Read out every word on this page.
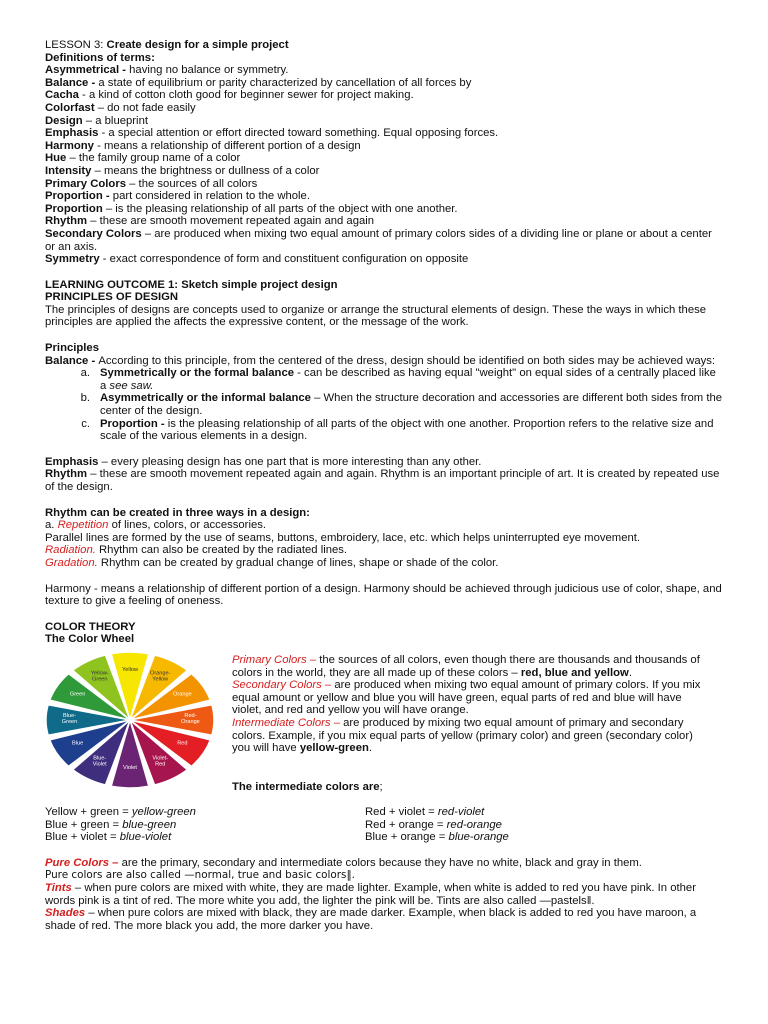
LESSON 3: Create design for a simple project

Definitions of terms:

Asymmetrical - having no balance or symmetry.

Balance - a state of equilibrium or parity characterized by cancellation of all forces by

Cacha - a kind of cotton cloth good for beginner sewer for project making.

Colorfast – do not fade easily

Design – a blueprint

Emphasis - a special attention or effort directed toward something. Equal opposing forces.

Harmony - means a relationship of different portion of a design

Hue – the family group name of a color

Intensity – means the brightness or dullness of a color

Primary Colors – the sources of all colors

Proportion - part considered in relation to the whole.

Proportion – is the pleasing relationship of all parts of the object with one another.

Rhythm – these are smooth movement repeated again and again

Secondary Colors – are produced when mixing two equal amount of primary colors sides of a dividing line or plane or about a center or an axis.

Symmetry - exact correspondence of form and constituent configuration on opposite

LEARNING OUTCOME 1: Sketch simple project design

PRINCIPLES OF DESIGN

The principles of designs are concepts used to organize or arrange the structural elements of design. These the ways in which these principles are applied the affects the expressive content, or the message of the work.

Principles

Balance - According to this principle, from the centered of the dress, design should be identified on both sides may be achieved ways:

a. Symmetrically or the formal balance - can be described as having equal "weight" on equal sides of a centrally placed like a see saw.
b. Asymmetrically or the informal balance – When the structure decoration and accessories are different both sides from the center of the design.
c. Proportion - is the pleasing relationship of all parts of the object with one another. Proportion refers to the relative size and scale of the various elements in a design.

Emphasis – every pleasing design has one part that is more interesting than any other.

Rhythm – these are smooth movement repeated again and again. Rhythm is an important principle of art. It is created by repeated use of the design.

Rhythm can be created in three ways in a design:

a. Repetition of lines, colors, or accessories.

Parallel lines are formed by the use of seams, buttons, embroidery, lace, etc. which helps uninterrupted eye movement.

Radiation. Rhythm can also be created by the radiated lines.

Gradation. Rhythm can be created by gradual change of lines, shape or shade of the color.

Harmony - means a relationship of different portion of a design. Harmony should be achieved through judicious use of color, shape, and texture to give a feeling of oneness.

COLOR THEORY

The Color Wheel

Yellow
Orange-Yellow
Orange
Red-Orange
Red
Violet-Red
Violet
Blue-Violet
Blue
Blue-Green
Green
Yellow-Green

Primary Colors – the sources of all colors, even though there are thousands and thousands of colors in the world, they are all made up of these colors – red, blue and yellow.

Secondary Colors – are produced when mixing two equal amount of primary colors. If you mix equal amount or yellow and blue you will have green, equal parts of red and blue will have violet, and red and yellow you will have orange.

Intermediate Colors – are produced by mixing two equal amount of primary and secondary colors. Example, if you mix equal parts of yellow (primary color) and green (secondary color) you will have yellow-green.

The intermediate colors are;

Yellow + green = yellow-green

Blue + green = blue-green

Blue + violet = blue-violet

Red + violet = red-violet

Red + orange = red-orange

Blue + orange = blue-orange

Pure Colors – are the primary, secondary and intermediate colors because they have no white, black and gray in them.

Pure colors are also called —normal, true and basic colors‖.

Tints – when pure colors are mixed with white, they are made lighter. Example, when white is added to red you have pink. In other words pink is a tint of red. The more white you add, the lighter the pink will be. Tints are also called —pastels‖.

Shades – when pure colors are mixed with black, they are made darker. Example, when black is added to red you have maroon, a shade of red. The more black you add, the more darker you have.
